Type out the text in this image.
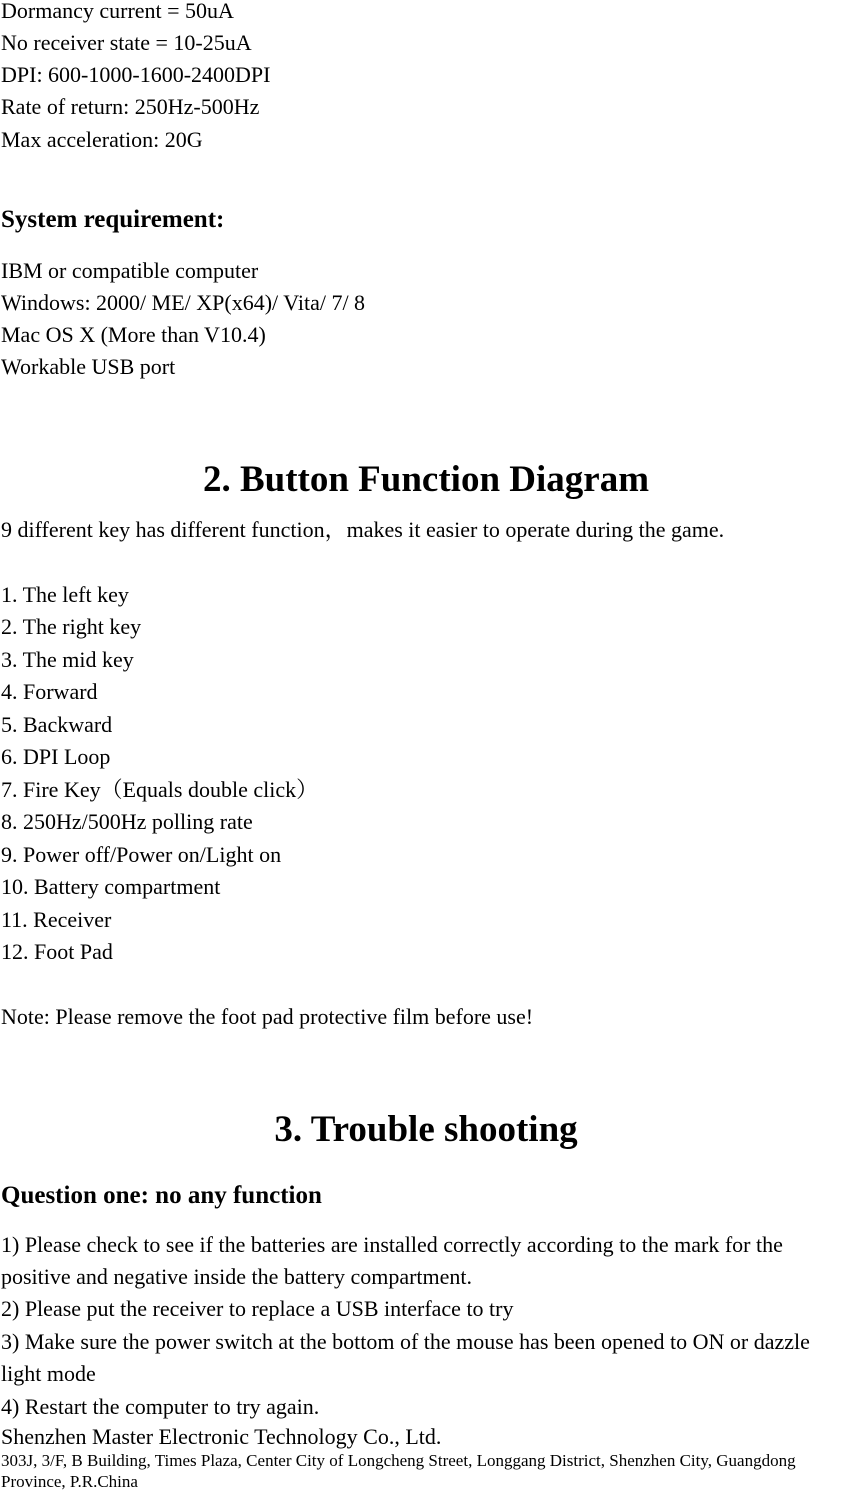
Dormancy current = 50uA
No receiver state = 10-25uA
DPI: 600-1000-1600-2400DPI
Rate of return: 250Hz-500Hz
Max acceleration: 20G
System requirement:
IBM or compatible computer
Windows: 2000/ ME/ XP(x64)/ Vita/ 7/ 8
Mac OS X (More than V10.4)
Workable USB port
2. Button Function Diagram
9 different key has different function，makes it easier to operate during the game.
1. The left key
2. The right key
3. The mid key
4. Forward
5. Backward
6. DPI Loop
7. Fire Key（Equals double click）
8. 250Hz/500Hz polling rate
9. Power off/Power on/Light on
10. Battery compartment
11. Receiver
12. Foot Pad
Note: Please remove the foot pad protective film before use!
3. Trouble shooting
Question one: no any function
1) Please check to see if the batteries are installed correctly according to the mark for the positive and negative inside the battery compartment.
2) Please put the receiver to replace a USB interface to try
3) Make sure the power switch at the bottom of the mouse has been opened to ON or dazzle light mode
4) Restart the computer to try again.
Shenzhen Master Electronic Technology Co., Ltd.
303J, 3/F, B Building, Times Plaza, Center City of Longcheng Street, Longgang District, Shenzhen City, Guangdong Province, P.R.China
